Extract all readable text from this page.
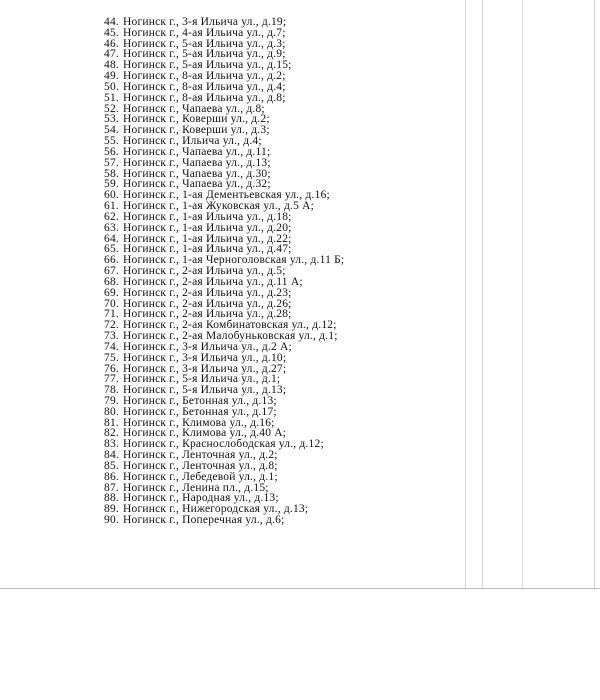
44. Ногинск г., 3-я Ильича ул., д.19;
45. Ногинск г., 4-ая Ильича ул., д.7;
46. Ногинск г., 5-ая Ильича ул., д.3;
47. Ногинск г., 5-ая Ильича ул., д.9;
48. Ногинск г., 5-ая Ильича ул., д.15;
49. Ногинск г., 8-ая Ильича ул., д.2;
50. Ногинск г., 8-ая Ильича ул., д.4;
51. Ногинск г., 8-ая Ильича ул., д.8;
52. Ногинск г., Чапаева ул., д.8;
53. Ногинск г., Коверши ул., д.2;
54. Ногинск г., Коверши ул., д.3;
55. Ногинск г., Ильича ул., д.4;
56. Ногинск г., Чапаева ул., д.11;
57. Ногинск г., Чапаева ул., д.13;
58. Ногинск г., Чапаева ул., д.30;
59. Ногинск г., Чапаева ул., д.32;
60. Ногинск г., 1-ая Дементьевская ул., д.16;
61. Ногинск г., 1-ая Жуковская ул., д.5 А;
62. Ногинск г., 1-ая Ильича ул., д.18;
63. Ногинск г., 1-ая Ильича ул., д.20;
64. Ногинск г., 1-ая Ильича ул., д.22;
65. Ногинск г., 1-ая Ильича ул., д.47;
66. Ногинск г., 1-ая Черноголовская ул., д.11 Б;
67. Ногинск г., 2-ая Ильича ул., д.5;
68. Ногинск г., 2-ая Ильича ул., д.11 А;
69. Ногинск г., 2-ая Ильича ул., д.23;
70. Ногинск г., 2-ая Ильича ул., д.26;
71. Ногинск г., 2-ая Ильича ул., д.28;
72. Ногинск г., 2-ая Комбинатовская ул., д.12;
73. Ногинск г., 2-ая Малобуньковская ул., д.1;
74. Ногинск г., 3-я Ильича ул., д.2 А;
75. Ногинск г., 3-я Ильича ул., д.10;
76. Ногинск г., 3-я Ильича ул., д.27;
77. Ногинск г., 5-я Ильича ул., д.1;
78. Ногинск г., 5-я Ильича ул., д.13;
79. Ногинск г., Бетонная ул., д.13;
80. Ногинск г., Бетонная ул., д.17;
81. Ногинск г., Климова ул., д.16;
82. Ногинск г., Климова ул., д.40 А;
83. Ногинск г., Краснослободская ул., д.12;
84. Ногинск г., Ленточная ул., д.2;
85. Ногинск г., Ленточная ул., д.8;
86. Ногинск г., Лебедевой ул., д.1;
87. Ногинск г., Ленина пл., д.15;
88. Ногинск г., Народная ул., д.13;
89. Ногинск г., Нижегородская ул., д.13;
90. Ногинск г., Поперечная ул., д.6;
